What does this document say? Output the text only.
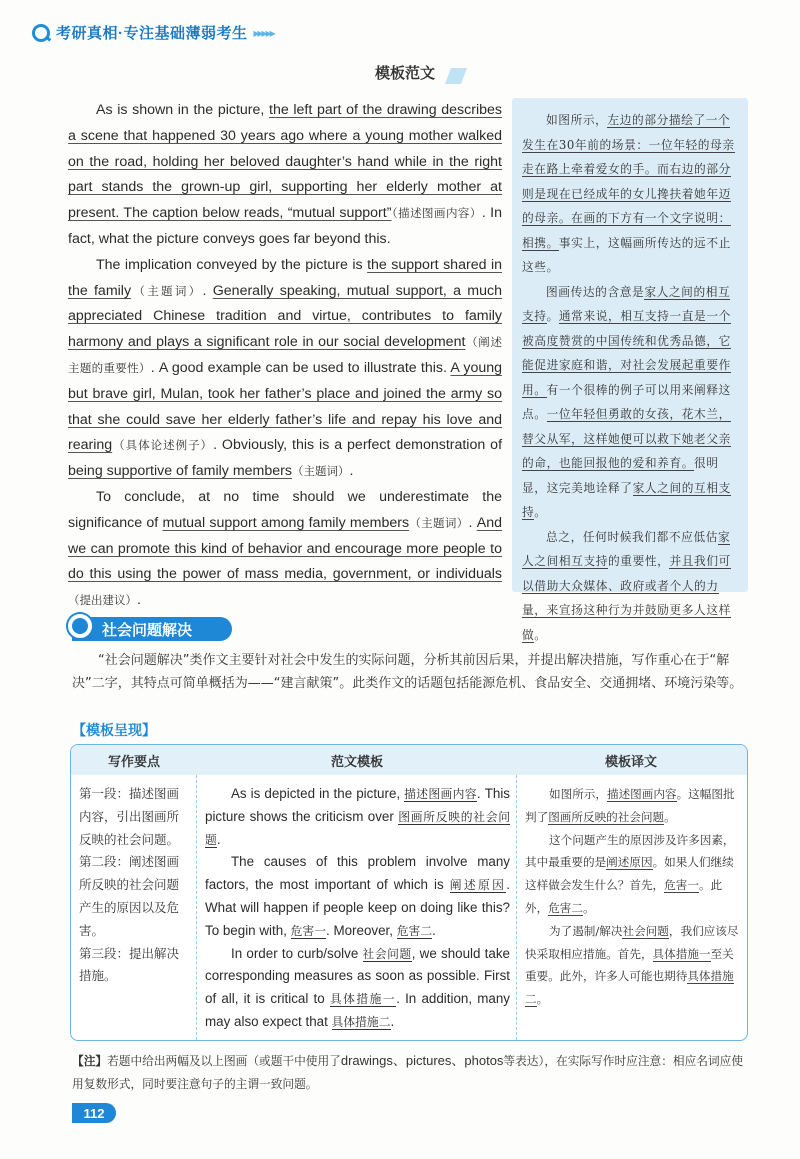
考研真相·专注基础薄弱考生 ▸▸▸▸▸
模板范文

As is shown in the picture, the left part of the drawing describes a scene that happened 30 years ago where a young mother walked on the road, holding her beloved daughter’s hand while in the right part stands the grown-up girl, supporting her elderly mother at present. The caption below reads, “mutual support”（描述图画内容）. In fact, what the picture conveys goes far beyond this.

The implication conveyed by the picture is the support shared in the family（主题词）. Generally speaking, mutual support, a much appreciated Chinese tradition and virtue, contributes to family harmony and plays a significant role in our social development（阐述主题的重要性）. A good example can be used to illustrate this. A young but brave girl, Mulan, took her father’s place and joined the army so that she could save her elderly father’s life and repay his love and rearing（具体论述例子）. Obviously, this is a perfect demonstration of being supportive of family members（主题词）.

To conclude, at no time should we underestimate the significance of mutual support among family members（主题词）. And we can promote this kind of behavior and encourage more people to do this using the power of mass media, government, or individuals（提出建议）.

如图所示，左边的部分描绘了一个发生在30年前的场景：一位年轻的母亲走在路上牵着爱女的手。而右边的部分则是现在已经成年的女儿搀扶着她年迈的母亲。在画的下方有一个文字说明：相携。事实上，这幅画所传达的远不止这些。

图画传达的含意是家人之间的相互支持。通常来说，相互支持一直是一个被高度赞赏的中国传统和优秀品德，它能促进家庭和谐，对社会发展起重要作用。有一个很棒的例子可以用来阐释这点。一位年轻但勇敢的女孩，花木兰，替父从军，这样她便可以救下她老父亲的命，也能回报他的爱和养育。很明显，这完美地诠释了家人之间的互相支持。

总之，任何时候我们都不应低估家人之间相互支持的重要性，并且我们可以借助大众媒体、政府或者个人的力量，来宣扬这种行为并鼓励更多人这样做。

社会问题解决

“社会问题解决”类作文主要针对社会中发生的实际问题，分析其前因后果，并提出解决措施，写作重心在于“解决”二字，其特点可简单概括为——“建言献策”。此类作文的话题包括能源危机、食品安全、交通拥堵、环境污染等。

【模板呈现】
写作要点	范文模板	模板译文

第一段：描述图画内容，引出图画所反映的社会问题。

第二段：阐述图画所反映的社会问题产生的原因以及危害。

第三段：提出解决措施。

As is depicted in the picture, 描述图画内容. This picture shows the criticism over 图画所反映的社会问题.

The causes of this problem involve many factors, the most important of which is 阐述原因. What will happen if people keep on doing like this? To begin with, 危害一. Moreover, 危害二.

In order to curb/solve 社会问题, we should take corresponding measures as soon as possible. First of all, it is critical to 具体措施一. In addition, many may also expect that 具体措施二.

如图所示，描述图画内容。这幅图批判了图画所反映的社会问题。

这个问题产生的原因涉及许多因素，其中最重要的是阐述原因。如果人们继续这样做会发生什么？首先，危害一。此外，危害二。

为了遏制/解决社会问题，我们应该尽快采取相应措施。首先，具体措施一至关重要。此外，许多人可能也期待具体措施二。

【注】若题中给出两幅及以上图画（或题干中使用了drawings、pictures、photos等表达），在实际写作时应注意：相应名词应使用复数形式，同时要注意句子的主谓一致问题。

112
